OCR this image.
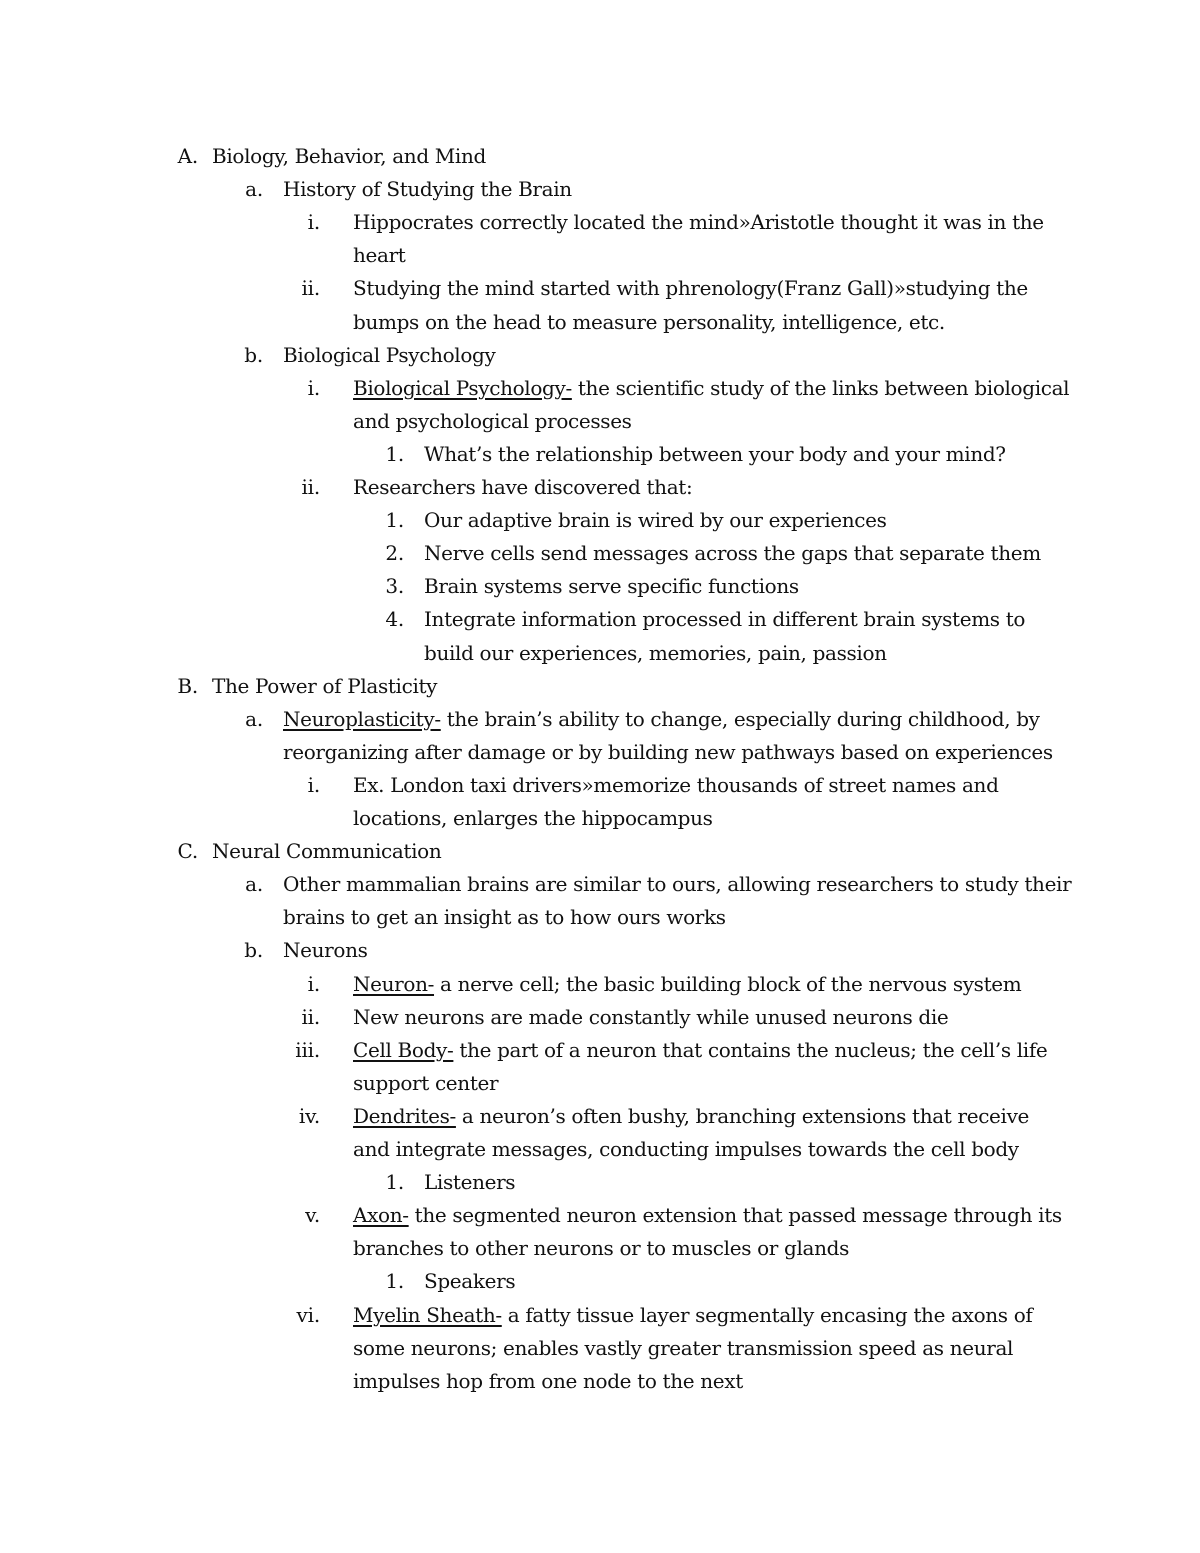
A. Biology, Behavior, and Mind
a. History of Studying the Brain
i. Hippocrates correctly located the mind»Aristotle thought it was in the
heart
ii. Studying the mind started with phrenology(Franz Gall)»studying the
bumps on the head to measure personality, intelligence, etc.
b. Biological Psychology
i. Biological Psychology- the scientific study of the links between biological
and psychological processes
1. What’s the relationship between your body and your mind?
ii. Researchers have discovered that:
1. Our adaptive brain is wired by our experiences
2. Nerve cells send messages across the gaps that separate them
3. Brain systems serve specific functions
4. Integrate information processed in different brain systems to
build our experiences, memories, pain, passion
B. The Power of Plasticity
a. Neuroplasticity- the brain’s ability to change, especially during childhood, by
reorganizing after damage or by building new pathways based on experiences
i. Ex. London taxi drivers»memorize thousands of street names and
locations, enlarges the hippocampus
C. Neural Communication
a. Other mammalian brains are similar to ours, allowing researchers to study their
brains to get an insight as to how ours works
b. Neurons
i. Neuron- a nerve cell; the basic building block of the nervous system
ii. New neurons are made constantly while unused neurons die
iii. Cell Body- the part of a neuron that contains the nucleus; the cell’s life
support center
iv. Dendrites- a neuron’s often bushy, branching extensions that receive
and integrate messages, conducting impulses towards the cell body
1. Listeners
v. Axon- the segmented neuron extension that passed message through its
branches to other neurons or to muscles or glands
1. Speakers
vi. Myelin Sheath- a fatty tissue layer segmentally encasing the axons of
some neurons; enables vastly greater transmission speed as neural
impulses hop from one node to the next
